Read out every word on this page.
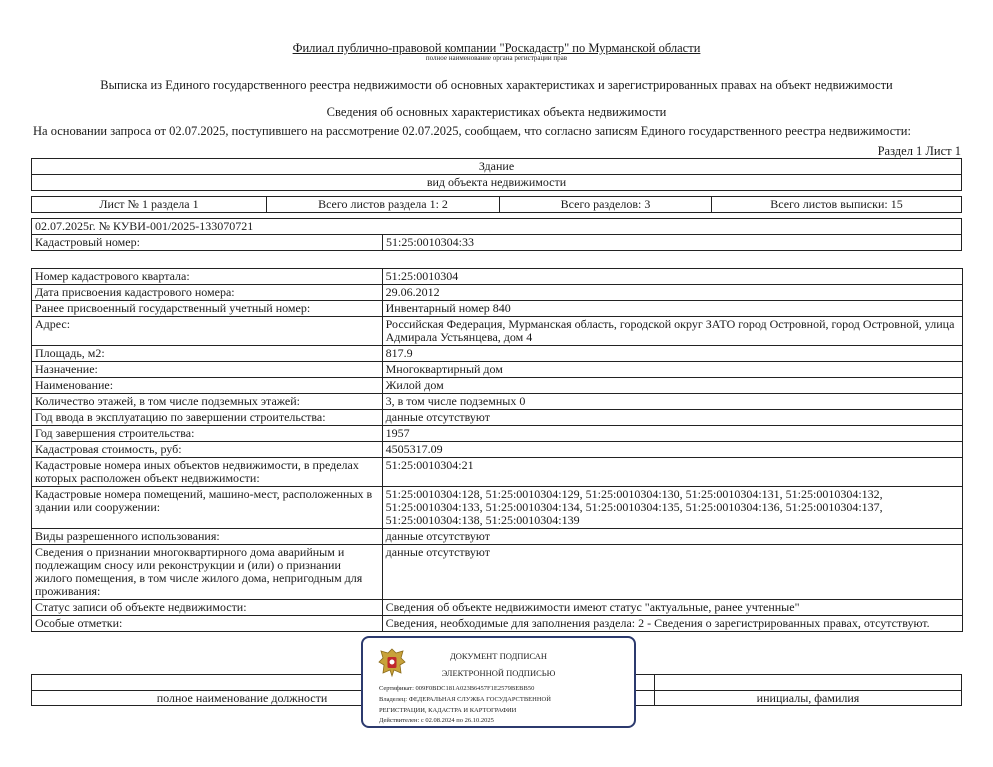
Филиал публично-правовой компании "Роскадастр" по Мурманской области
полное наименование органа регистрации прав
Выписка из Единого государственного реестра недвижимости об основных характеристиках и зарегистрированных правах на объект недвижимости
Сведения об основных характеристиках объекта недвижимости
На основании запроса от 02.07.2025, поступившего на рассмотрение 02.07.2025, сообщаем, что согласно записям Единого государственного реестра недвижимости:
Раздел 1 Лист 1
Здание
вид объекта недвижимости
Лист № 1 раздела 1	Всего листов раздела 1: 2	Всего разделов: 3	Всего листов выписки: 15
02.07.2025г. № КУВИ-001/2025-133070721
Кадастровый номер:	51:25:0010304:33
Номер кадастрового квартала:	51:25:0010304
Дата присвоения кадастрового номера:	29.06.2012
Ранее присвоенный государственный учетный номер:	Инвентарный номер 840
Адрес:	Российская Федерация, Мурманская область, городской округ ЗАТО город Островной, город Островной, улица Адмирала Устьянцева, дом 4
Площадь, м2:	817.9
Назначение:	Многоквартирный дом
Наименование:	Жилой дом
Количество этажей, в том числе подземных этажей:	3, в том числе подземных 0
Год ввода в эксплуатацию по завершении строительства:	данные отсутствуют
Год завершения строительства:	1957
Кадастровая стоимость, руб:	4505317.09
Кадастровые номера иных объектов недвижимости, в пределах которых расположен объект недвижимости:	51:25:0010304:21
Кадастровые номера помещений, машино-мест, расположенных в здании или сооружении:	51:25:0010304:128, 51:25:0010304:129, 51:25:0010304:130, 51:25:0010304:131, 51:25:0010304:132, 51:25:0010304:133, 51:25:0010304:134, 51:25:0010304:135, 51:25:0010304:136, 51:25:0010304:137, 51:25:0010304:138, 51:25:0010304:139
Виды разрешенного использования:	данные отсутствуют
Сведения о признании многоквартирного дома аварийным и подлежащим сносу или реконструкции и (или) о признании жилого помещения, в том числе жилого дома, непригодным для проживания:	данные отсутствуют
Статус записи об объекте недвижимости:	Сведения об объекте недвижимости имеют статус "актуальные, ранее учтенные"
Особые отметки:	Сведения, необходимые для заполнения раздела: 2 - Сведения о зарегистрированных правах, отсутствуют.
полное наименование должности	инициалы, фамилия
ДОКУМЕНТ ПОДПИСАН
ЭЛЕКТРОННОЙ ПОДПИСЬЮ
Сертификат: 009F0BDC181A023B6457F1E2579BEBB50
Владелец: ФЕДЕРАЛЬНАЯ СЛУЖБА ГОСУДАРСТВЕННОЙ
РЕГИСТРАЦИИ, КАДАСТРА И КАРТОГРАФИИ
Действителен: с 02.08.2024 по 26.10.2025
